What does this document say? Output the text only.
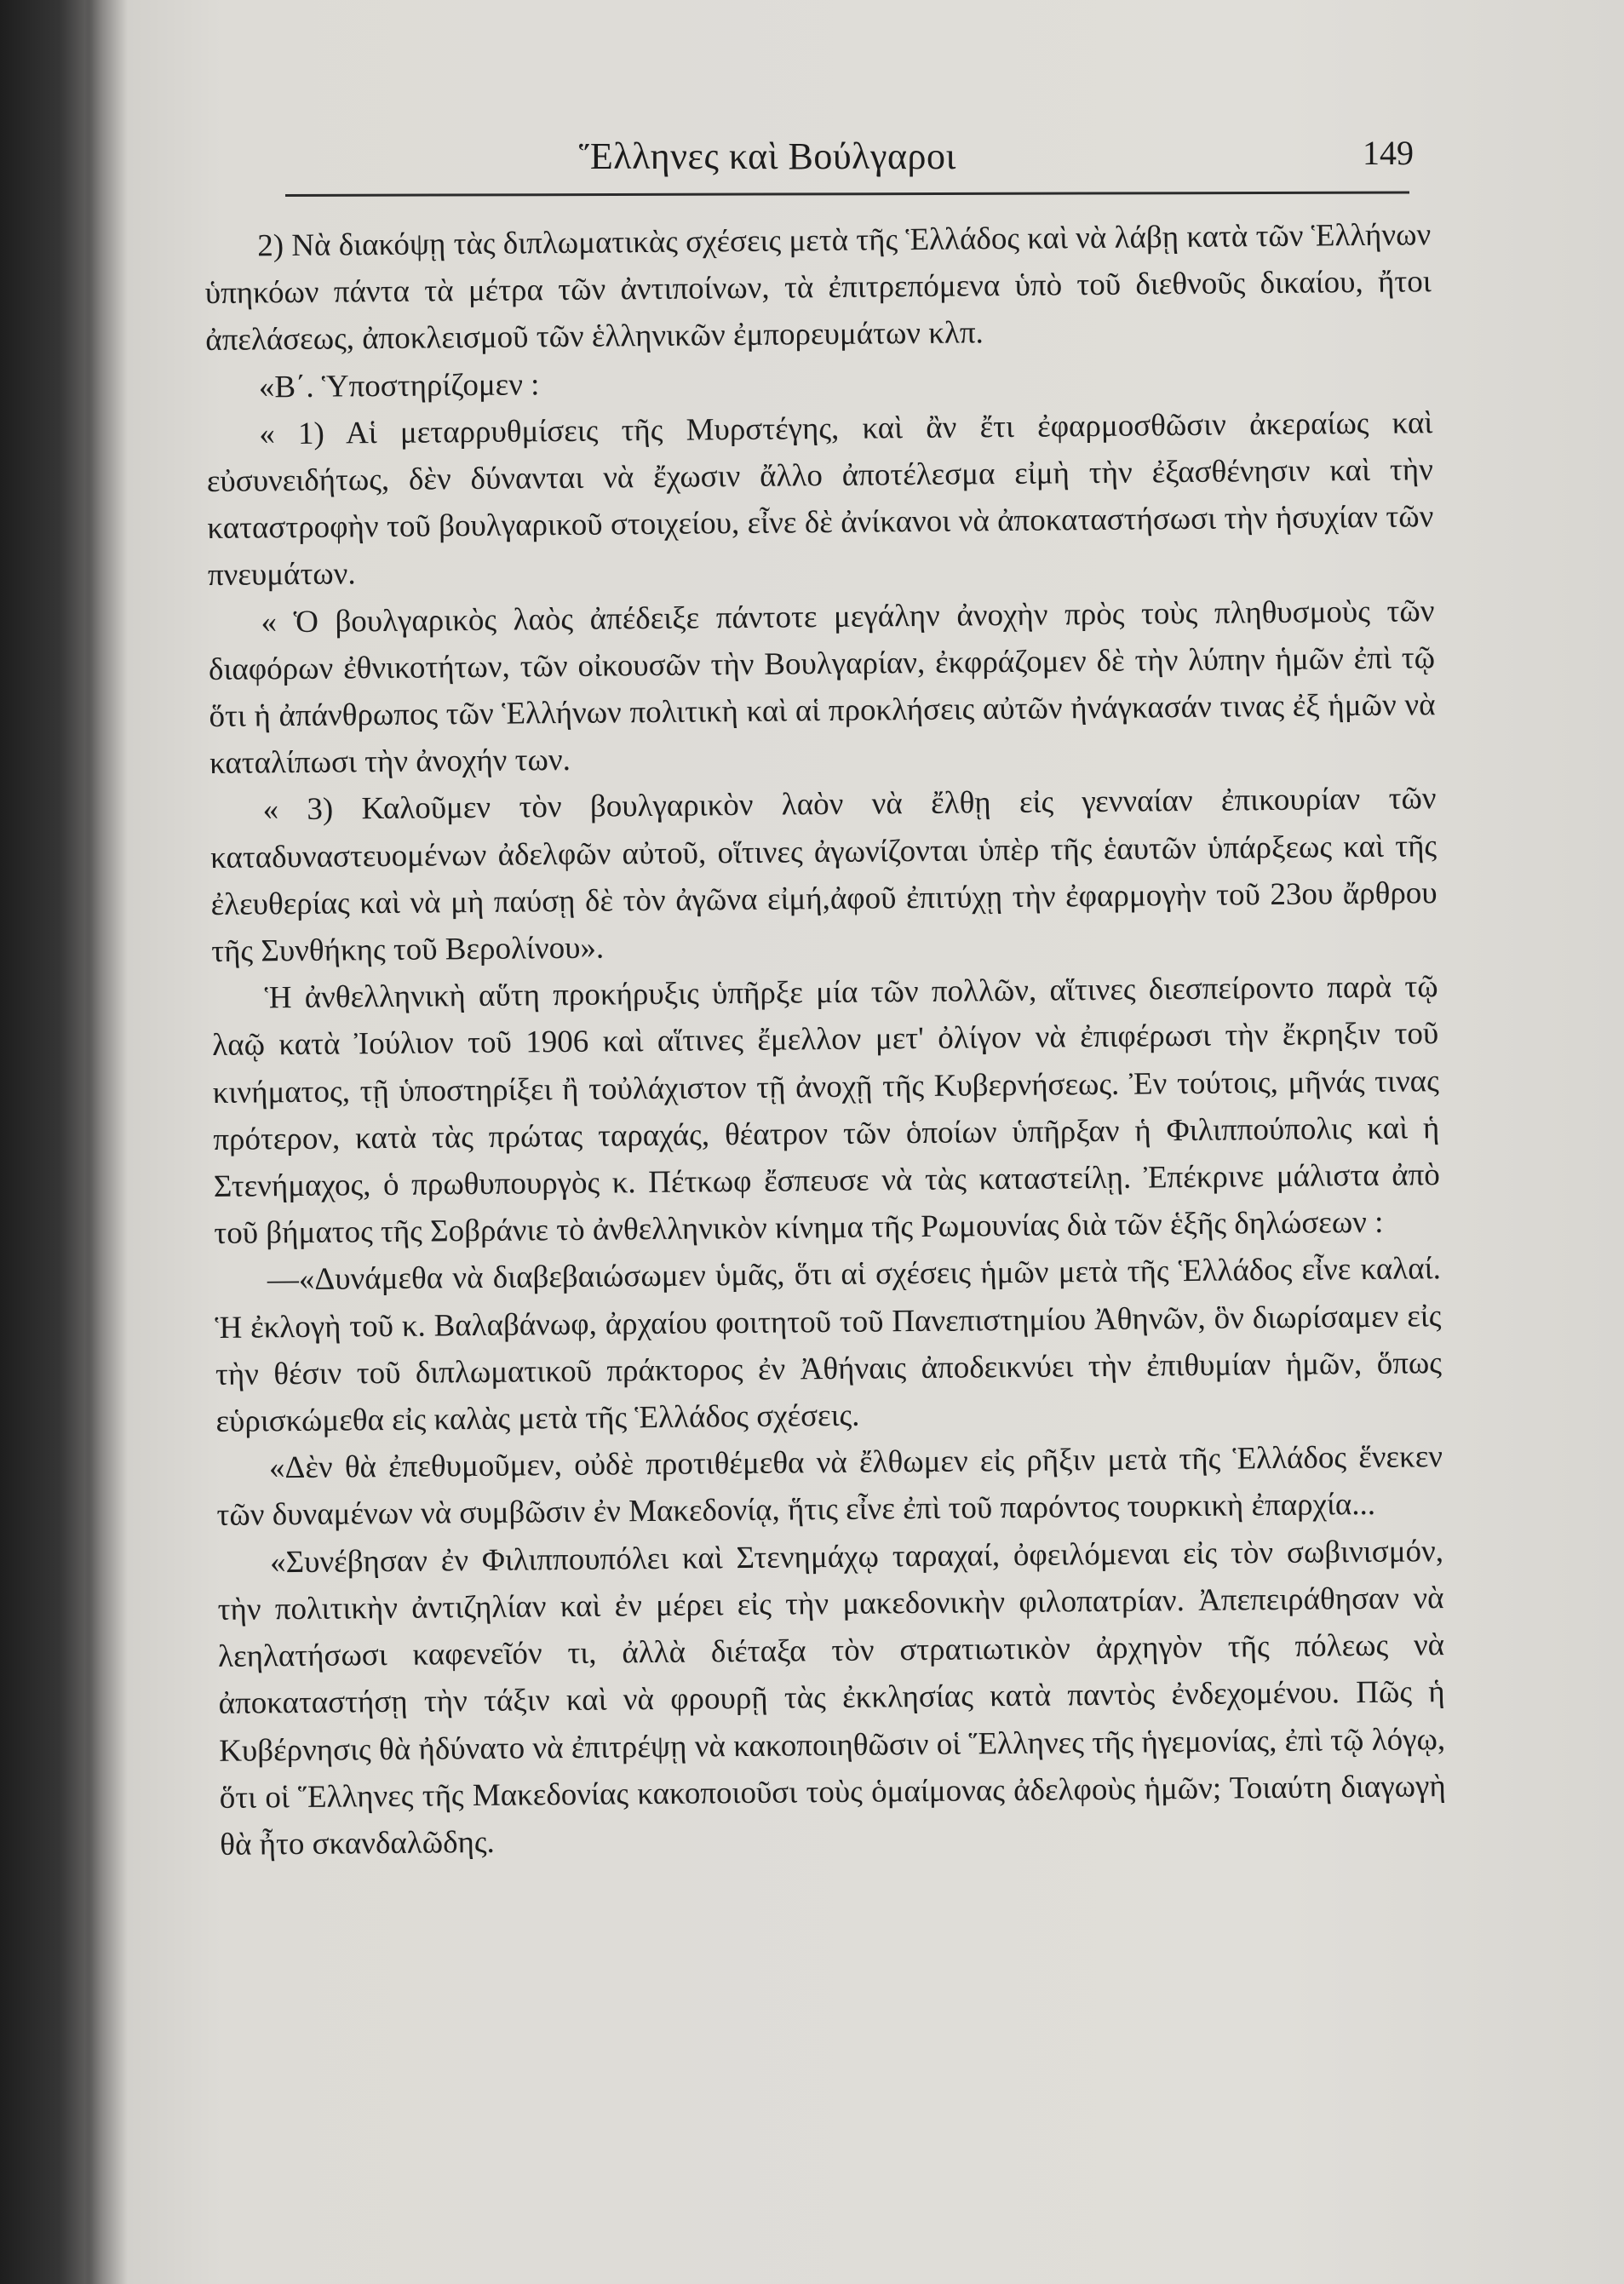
Ἕλληνες καὶ Βούλγαροι	149

2) Νὰ διακόψῃ τὰς διπλωματικὰς σχέσεις μετὰ τῆς Ἑλλάδος καὶ νὰ λάβῃ κατὰ τῶν Ἑλλήνων ὑπηκόων πάντα τὰ μέτρα τῶν ἀντιποίνων, τὰ ἐπιτρεπόμενα ὑπὸ τοῦ διεθνοῦς δικαίου, ἤτοι ἀπελάσεως, ἀποκλεισμοῦ τῶν ἑλληνικῶν ἐμπορευμάτων κλπ.

«Β΄. Ὑποστηρίζομεν :

« 1) Αἱ μεταρρυθμίσεις τῆς Μυρστέγης, καὶ ἂν ἔτι ἐφαρμοσθῶσιν ἀκεραίως καὶ εὐσυνειδήτως, δὲν δύνανται νὰ ἔχωσιν ἄλλο ἀποτέλεσμα εἰμὴ τὴν ἐξασθένησιν καὶ τὴν καταστροφὴν τοῦ βουλγαρικοῦ στοιχείου, εἶνε δὲ ἀνίκανοι νὰ ἀποκαταστήσωσι τὴν ἡσυχίαν τῶν πνευμάτων.

« Ὁ βουλγαρικὸς λαὸς ἀπέδειξε πάντοτε μεγάλην ἀνοχὴν πρὸς τοὺς πληθυσμοὺς τῶν διαφόρων ἐθνικοτήτων, τῶν οἰκουσῶν τὴν Βουλγαρίαν, ἐκφράζομεν δὲ τὴν λύπην ἡμῶν ἐπὶ τῷ ὅτι ἡ ἀπάνθρωπος τῶν Ἑλλήνων πολιτικὴ καὶ αἱ προκλήσεις αὐτῶν ἠνάγκασάν τινας ἐξ ἡμῶν νὰ καταλίπωσι τὴν ἀνοχήν των.

« 3) Καλοῦμεν τὸν βουλγαρικὸν λαὸν νὰ ἔλθῃ εἰς γενναίαν ἐπικουρίαν τῶν καταδυναστευομένων ἀδελφῶν αὐτοῦ, οἵτινες ἀγωνίζονται ὑπὲρ τῆς ἑαυτῶν ὑπάρξεως καὶ τῆς ἐλευθερίας καὶ νὰ μὴ παύσῃ δὲ τὸν ἀγῶνα εἰμή,ἀφοῦ ἐπιτύχῃ τὴν ἐφαρμογὴν τοῦ 23ου ἄρθρου τῆς Συνθήκης τοῦ Βερολίνου».

Ἡ ἀνθελληνικὴ αὕτη προκήρυξις ὑπῆρξε μία τῶν πολλῶν, αἵτινες διεσπείροντο παρὰ τῷ λαῷ κατὰ Ἰούλιον τοῦ 1906 καὶ αἵτινες ἔμελλον μετ' ὀλίγον νὰ ἐπιφέρωσι τὴν ἔκρηξιν τοῦ κινήματος, τῇ ὑποστηρίξει ἢ τοὐλάχιστον τῇ ἀνοχῇ τῆς Κυβερνήσεως. Ἐν τούτοις, μῆνάς τινας πρότερον, κατὰ τὰς πρώτας ταραχάς, θέατρον τῶν ὁποίων ὑπῆρξαν ἡ Φιλιππούπολις καὶ ἡ Στενήμαχος, ὁ πρωθυπουργὸς κ. Πέτκωφ ἔσπευσε νὰ τὰς καταστείλῃ. Ἐπέκρινε μάλιστα ἀπὸ τοῦ βήματος τῆς Σοβράνιε τὸ ἀνθελληνικὸν κίνημα τῆς Ρωμουνίας διὰ τῶν ἑξῆς δηλώσεων :

—«Δυνάμεθα νὰ διαβεβαιώσωμεν ὑμᾶς, ὅτι αἱ σχέσεις ἡμῶν μετὰ τῆς Ἑλλάδος εἶνε καλαί. Ἡ ἐκλογὴ τοῦ κ. Βαλαβάνωφ, ἀρχαίου φοιτητοῦ τοῦ Πανεπιστημίου Ἀθηνῶν, ὃν διωρίσαμεν εἰς τὴν θέσιν τοῦ διπλωματικοῦ πράκτορος ἐν Ἀθήναις ἀποδεικνύει τὴν ἐπιθυμίαν ἡμῶν, ὅπως εὑρισκώμεθα εἰς καλὰς μετὰ τῆς Ἑλλάδος σχέσεις.

«Δὲν θὰ ἐπεθυμοῦμεν, οὐδὲ προτιθέμεθα νὰ ἔλθωμεν εἰς ρῆξιν μετὰ τῆς Ἑλλάδος ἕνεκεν τῶν δυναμένων νὰ συμβῶσιν ἐν Μακεδονίᾳ, ἥτις εἶνε ἐπὶ τοῦ παρόντος τουρκικὴ ἐπαρχία...

«Συνέβησαν ἐν Φιλιππουπόλει καὶ Στενημάχῳ ταραχαί, ὀφειλόμεναι εἰς τὸν σωβινισμόν, τὴν πολιτικὴν ἀντιζηλίαν καὶ ἐν μέρει εἰς τὴν μακεδονικὴν φιλοπατρίαν. Ἀπεπειράθησαν νὰ λεηλατήσωσι καφενεῖόν τι, ἀλλὰ διέταξα τὸν στρατιωτικὸν ἀρχηγὸν τῆς πόλεως νὰ ἀποκαταστήσῃ τὴν τάξιν καὶ νὰ φρουρῇ τὰς ἐκκλησίας κατὰ παντὸς ἐνδεχομένου. Πῶς ἡ Κυβέρνησις θὰ ἠδύνατο νὰ ἐπιτρέψῃ νὰ κακοποιηθῶσιν οἱ Ἕλληνες τῆς ἡγεμονίας, ἐπὶ τῷ λόγῳ, ὅτι οἱ Ἕλληνες τῆς Μακεδονίας κακοποιοῦσι τοὺς ὁμαίμονας ἀδελφοὺς ἡμῶν; Τοιαύτη διαγωγὴ θὰ ἦτο σκανδαλῶδης.
